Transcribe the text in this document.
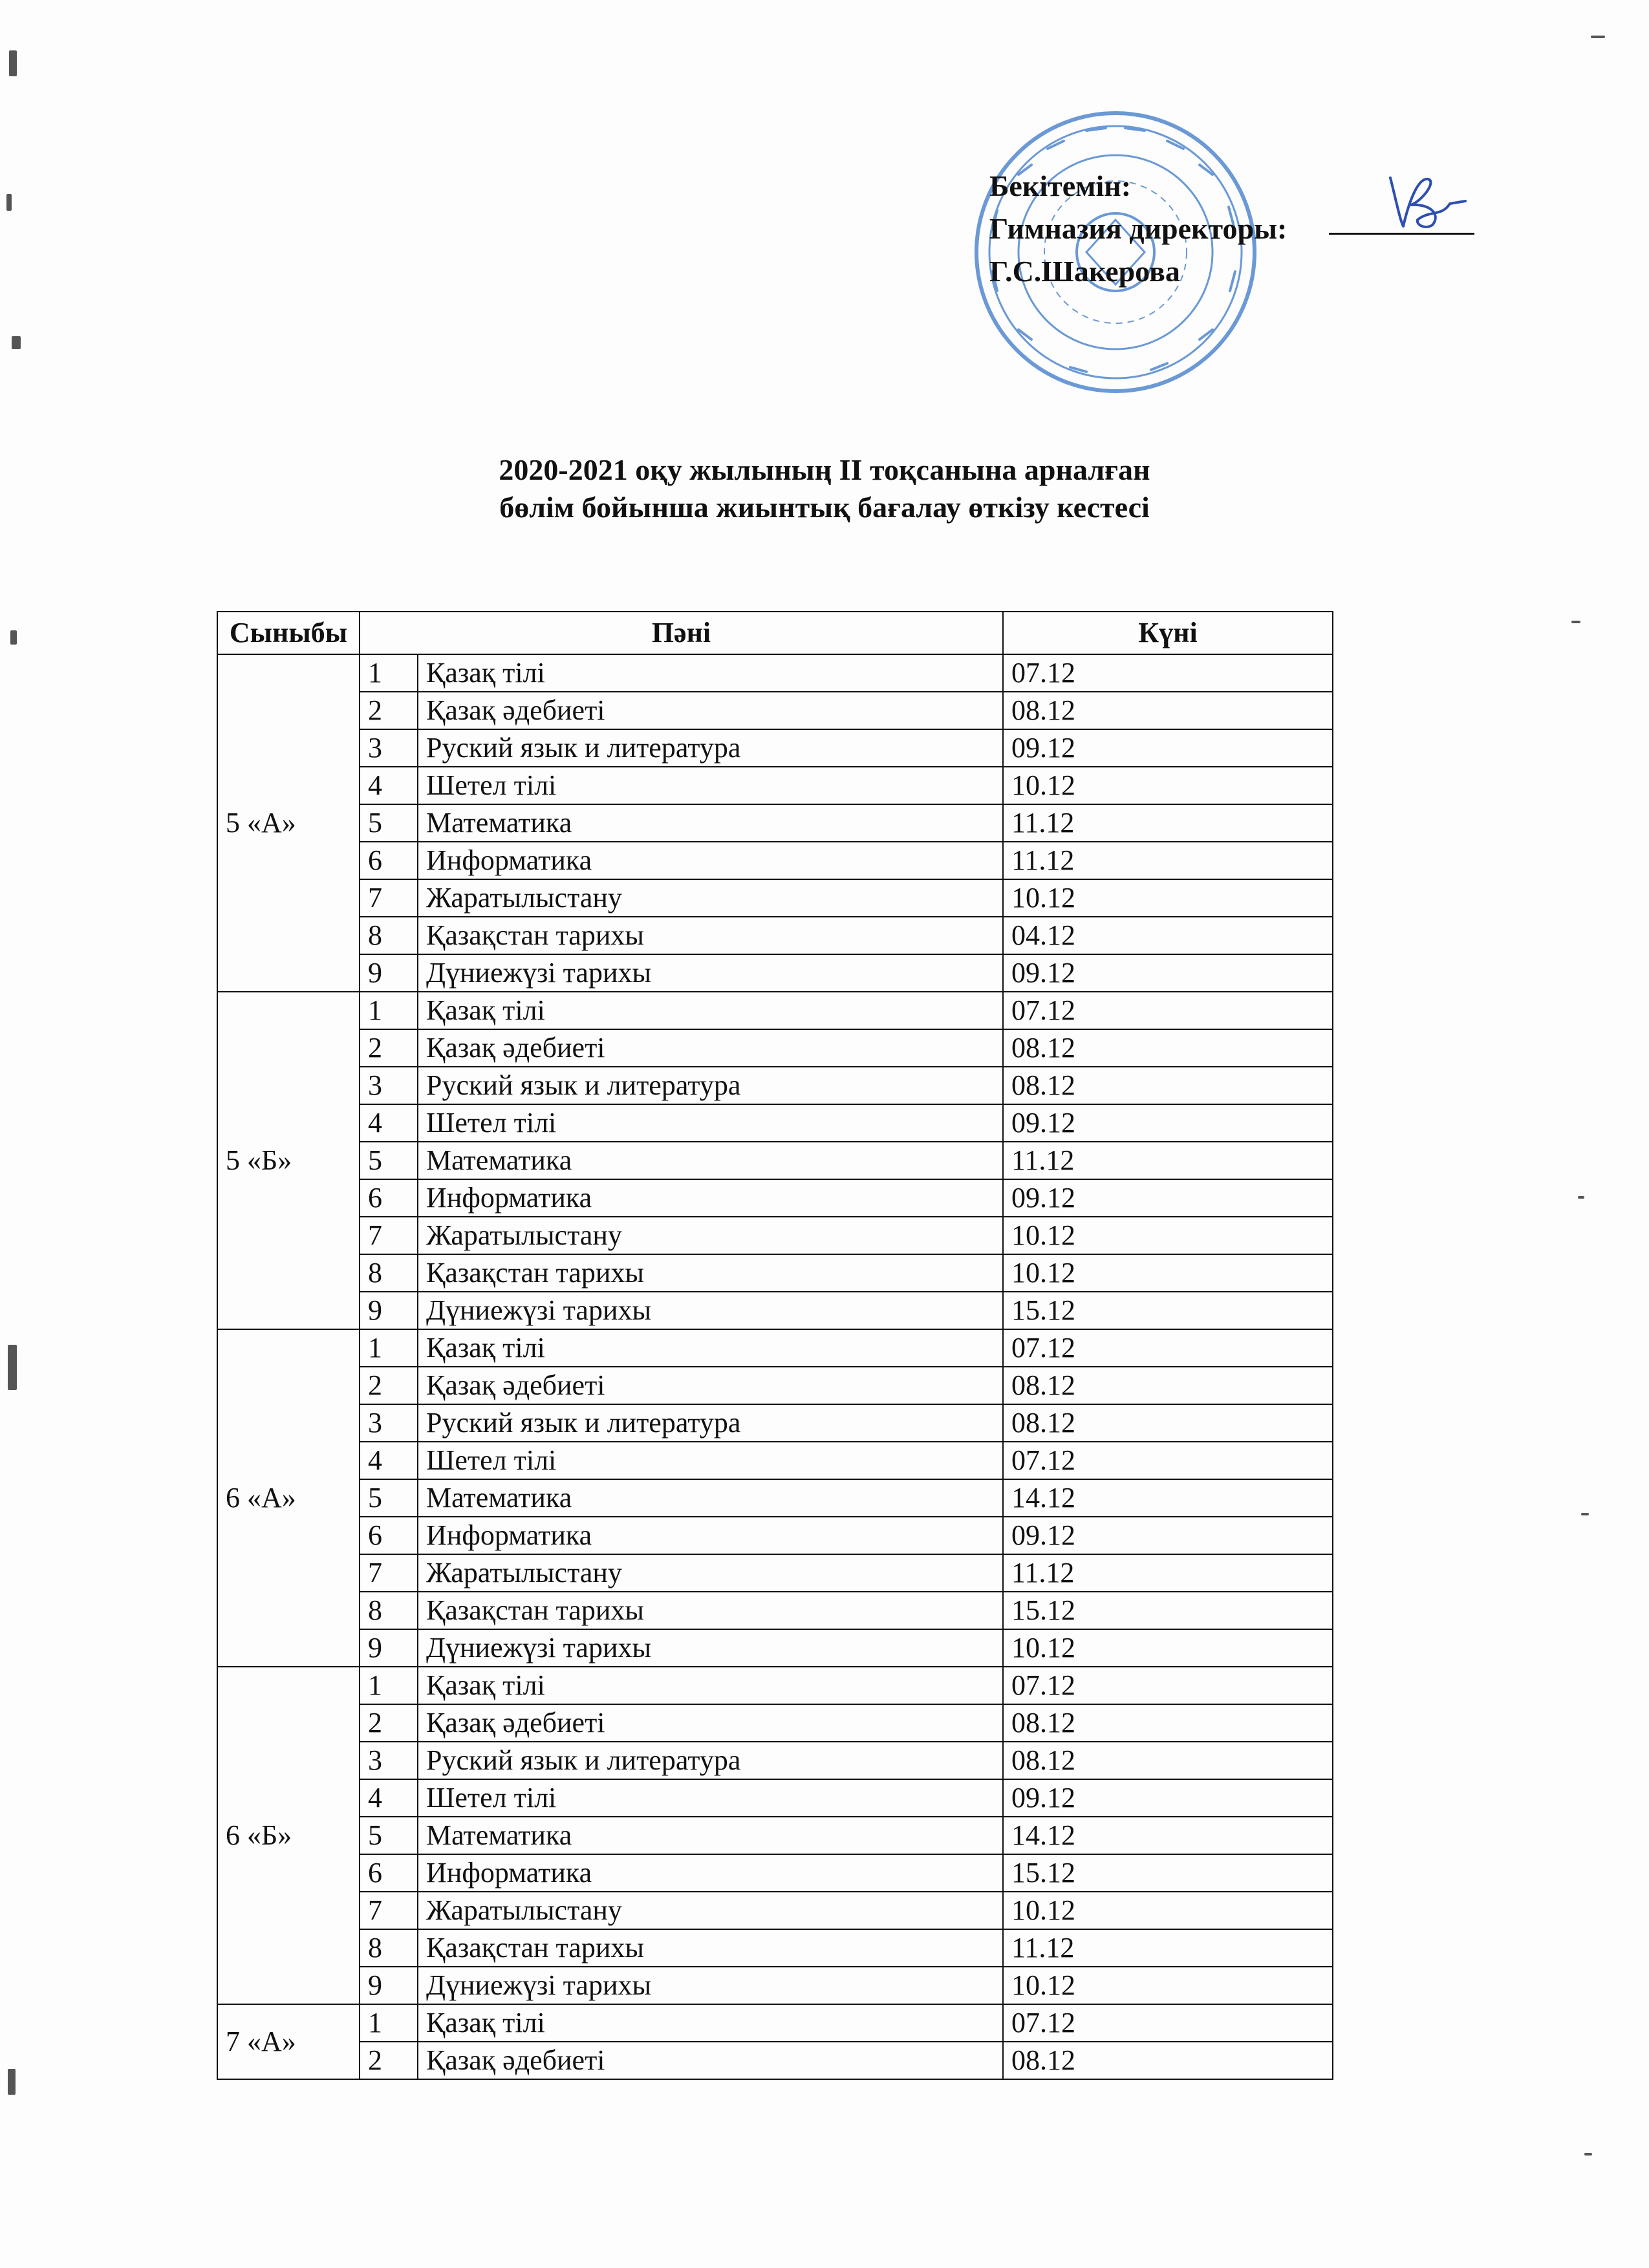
Бекітемін:
Гимназия директоры:
Г.С.Шакерова
2020-2021 оқу жылының ІІ тоқсанына арналған
бөлім бойынша жиынтық бағалау өткізу кестесі
Сыныбы	Пәні		Күні
5 «А»	1	Қазақ тілі	07.12
	2	Қазақ әдебиеті	08.12
	3	Руский язык и литература	09.12
	4	Шетел тілі	10.12
	5	Математика	11.12
	6	Информатика	11.12
	7	Жаратылыстану	10.12
	8	Қазақстан тарихы	04.12
	9	Дүниежүзі тарихы	09.12
5 «Б»	1	Қазақ тілі	07.12
	2	Қазақ әдебиеті	08.12
	3	Руский язык и литература	08.12
	4	Шетел тілі	09.12
	5	Математика	11.12
	6	Информатика	09.12
	7	Жаратылыстану	10.12
	8	Қазақстан тарихы	10.12
	9	Дүниежүзі тарихы	15.12
6 «А»	1	Қазақ тілі	07.12
	2	Қазақ әдебиеті	08.12
	3	Руский язык и литература	08.12
	4	Шетел тілі	07.12
	5	Математика	14.12
	6	Информатика	09.12
	7	Жаратылыстану	11.12
	8	Қазақстан тарихы	15.12
	9	Дүниежүзі тарихы	10.12
6 «Б»	1	Қазақ тілі	07.12
	2	Қазақ әдебиеті	08.12
	3	Руский язык и литература	08.12
	4	Шетел тілі	09.12
	5	Математика	14.12
	6	Информатика	15.12
	7	Жаратылыстану	10.12
	8	Қазақстан тарихы	11.12
	9	Дүниежүзі тарихы	10.12
7 «А»	1	Қазақ тілі	07.12
	2	Қазақ әдебиеті	08.12
